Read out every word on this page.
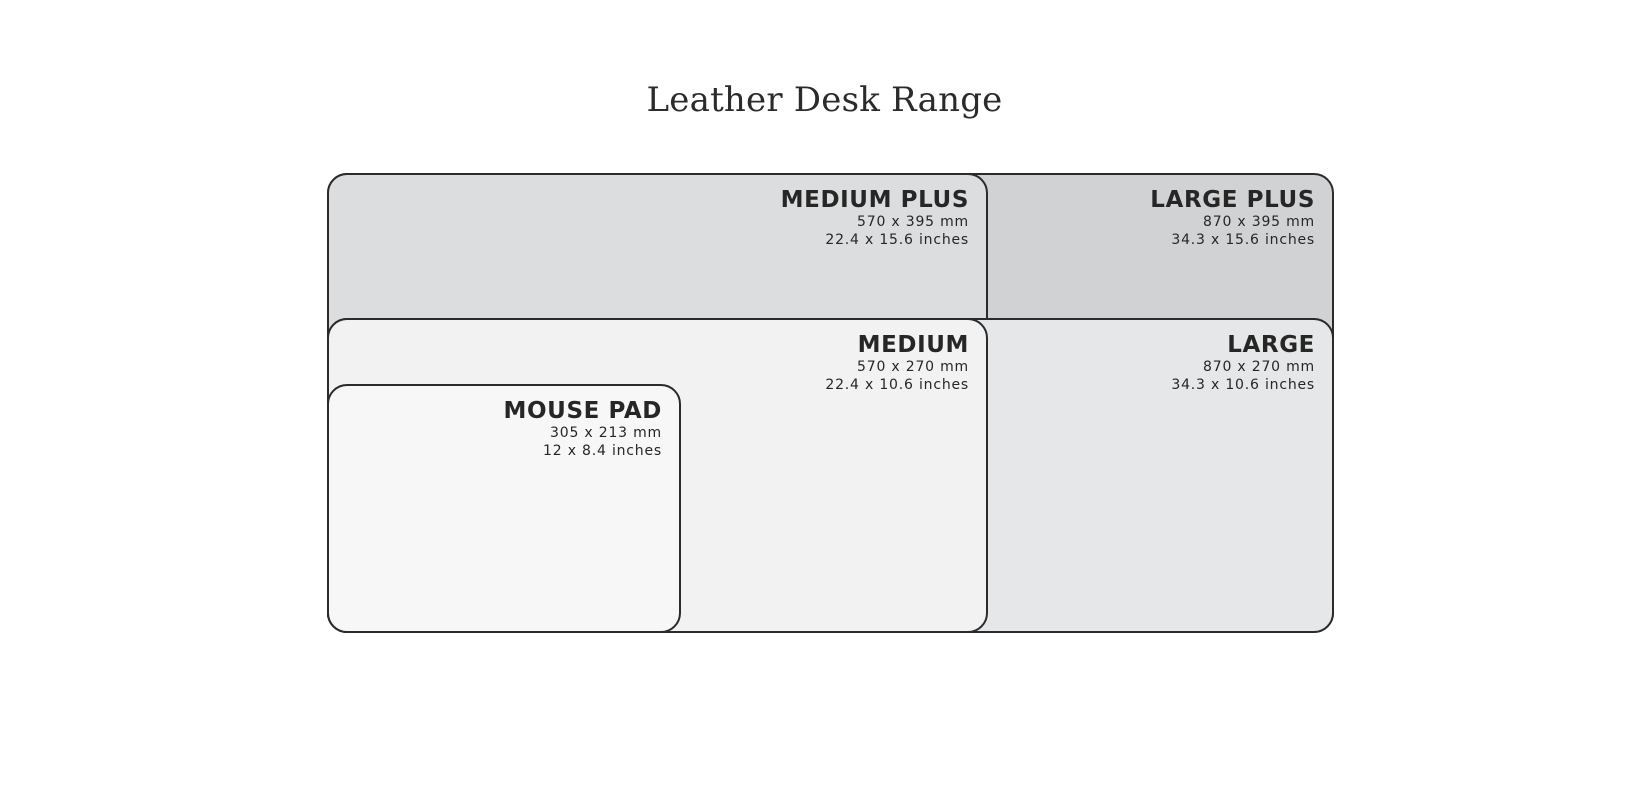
Leather Desk Range
LARGE PLUS
870 x 395 mm
34.3 x 15.6 inches
MEDIUM PLUS
570 x 395 mm
22.4 x 15.6 inches
LARGE
870 x 270 mm
34.3 x 10.6 inches
MEDIUM
570 x 270 mm
22.4 x 10.6 inches
MOUSE PAD
305 x 213 mm
12 x 8.4 inches
